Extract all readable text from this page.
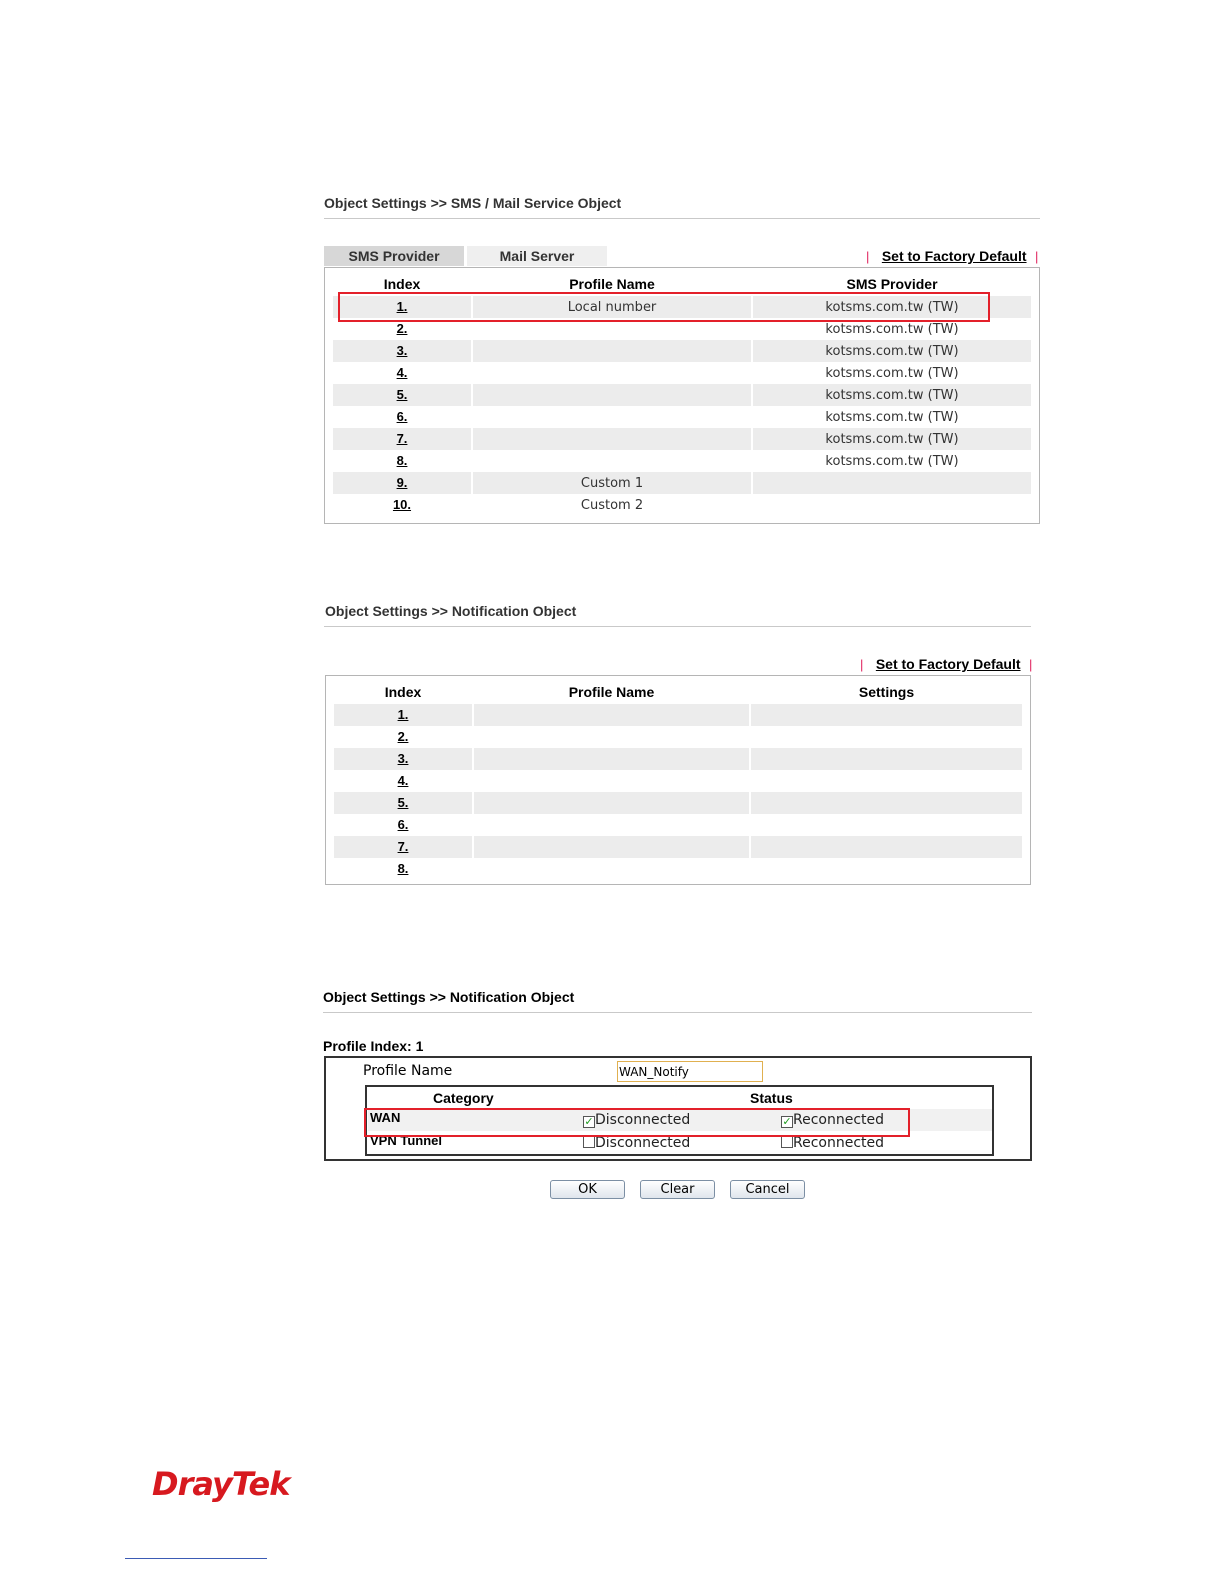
Object Settings >> SMS / Mail Service Object
SMS Provider	Mail Server	| Set to Factory Default |
Index	Profile Name	SMS Provider
1.	Local number	kotsms.com.tw (TW)
2.		kotsms.com.tw (TW)
3.		kotsms.com.tw (TW)
4.		kotsms.com.tw (TW)
5.		kotsms.com.tw (TW)
6.		kotsms.com.tw (TW)
7.		kotsms.com.tw (TW)
8.		kotsms.com.tw (TW)
9.	Custom 1	
10.	Custom 2	
Object Settings >> Notification Object
| Set to Factory Default |
Index	Profile Name	Settings
1.		
2.		
3.		
4.		
5.		
6.		
7.		
8.		
Object Settings >> Notification Object
Profile Index: 1
Profile Name
WAN_Notify
Category	Status
WAN	✓Disconnected	✓Reconnected
VPN Tunnel	Disconnected	Reconnected
OK	Clear	Cancel
DrayTek
